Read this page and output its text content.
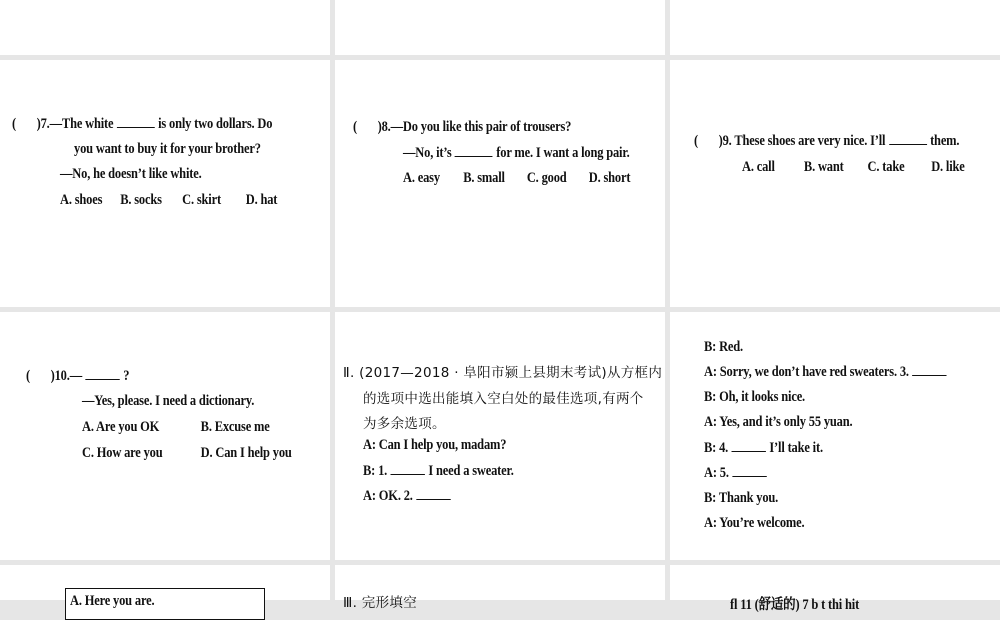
( )7.—The white	is only two dollars. Do
you want to buy it for your brother?
—No, he doesn’t like white.
A. shoes B. socks C. skirt D. hat
( )8.—Do you like this pair of trousers?
—No, it’s	for me. I want a long pair.
A. easy B. small C. good D. short
( )9. These shoes are very nice. I’ll	them.
A. call B. want C. take D. like
( )10.—	?
—Yes, please. I need a dictionary.
A. Are you OK	B. Excuse me
C. How are you	D. Can I help you
Ⅱ. (2017—2018 · 阜阳市颍上县期末考试)从方框内
的选项中选出能填入空白处的最佳选项,有两个
为多余选项。
A: Can I help you, madam?
B: 1.	I need a sweater.
A: OK. 2.
B: Red.
A: Sorry, we don’t have red sweaters. 3.
B: Oh, it looks nice.
A: Yes, and it’s only 55 yuan.
B: 4.	I’ll take it.
A: 5.
B: Thank you.
A: You’re welcome.
A. Here you are.	Ⅲ. 完形填空	fl 11 (舒适的) 7 b t thi hit
